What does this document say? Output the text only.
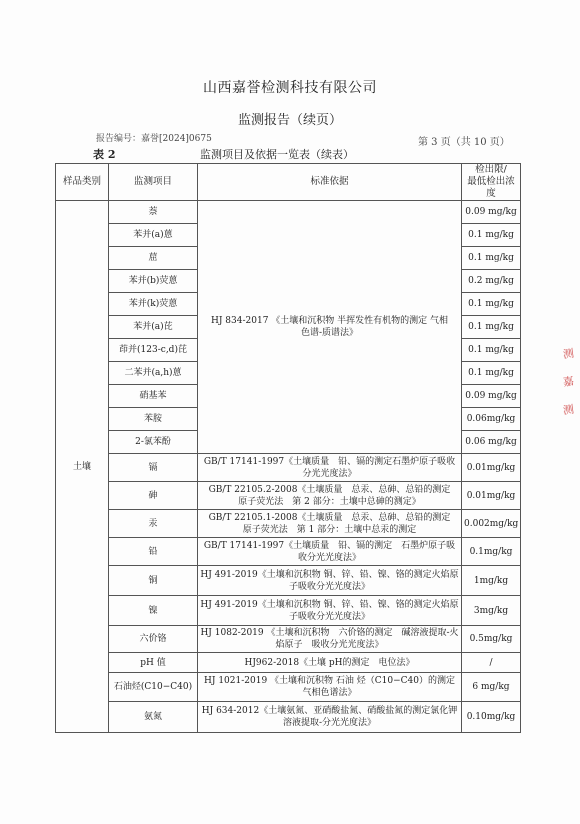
山西嘉誉检测科技有限公司
监测报告（续页）
报告编号：嘉誉[2024]0675	第 3 页（共 10 页）
表 2	监测项目及依据一览表（续表）
样品类别	监测项目	标准依据	检出限/
最低检出浓度
土壤	萘	HJ 834-2017 《土壤和沉积物 半挥发性有机物的测定 气相色谱-质谱法》	0.09 mg/kg
	苯并(a)蒽		0.1 mg/kg
	䓛		0.1 mg/kg
	苯并(b)荧蒽		0.2 mg/kg
	苯并(k)荧蒽		0.1 mg/kg
	苯并(a)芘		0.1 mg/kg
	茚并(123-c,d)芘		0.1 mg/kg
	二苯并(a,h)蒽		0.1 mg/kg
	硝基苯		0.09 mg/kg
	苯胺		0.06mg/kg
	2-氯苯酚		0.06 mg/kg
	镉	GB/T 17141-1997《土壤质量　铅、镉的测定石墨炉原子吸收分光光度法》	0.01mg/kg
	砷	GB/T 22105.2-2008《土壤质量　总汞、总砷、总铅的测定　原子荧光法　第 2 部分：土壤中总砷的测定》	0.01mg/kg
	汞	GB/T 22105.1-2008《土壤质量　总汞、总砷、总铅的测定　原子荧光法　第 1 部分：土壤中总汞的测定	0.002mg/kg
	铅	GB/T 17141-1997《土壤质量　铅、镉的测定　石墨炉原子吸收分光光度法》	0.1mg/kg
	铜	HJ 491-2019《土壤和沉积物 铜、锌、铅、镍、铬的测定火焰原子吸收分光光度法》	1mg/kg
	镍	HJ 491-2019《土壤和沉积物 铜、锌、铅、镍、铬的测定火焰原子吸收分光光度法》	3mg/kg
	六价铬	HJ 1082-2019 《土壤和沉积物　六价铬的测定　碱溶液提取-火焰原子　吸收分光光度法》	0.5mg/kg
	pH 值	HJ962-2018《土壤 pH的测定　电位法》	/
	石油烃(C10−C40)	HJ 1021-2019 《土壤和沉积物 石油 烃（C10−C40）的测定 气相色谱法》	6 mg/kg
	氨氮	HJ 634-2012《土壤氨氮、亚硝酸盐氮、硝酸盐氮的测定氯化钾溶液提取-分光光度法》	0.10mg/kg
测
嘉
测
